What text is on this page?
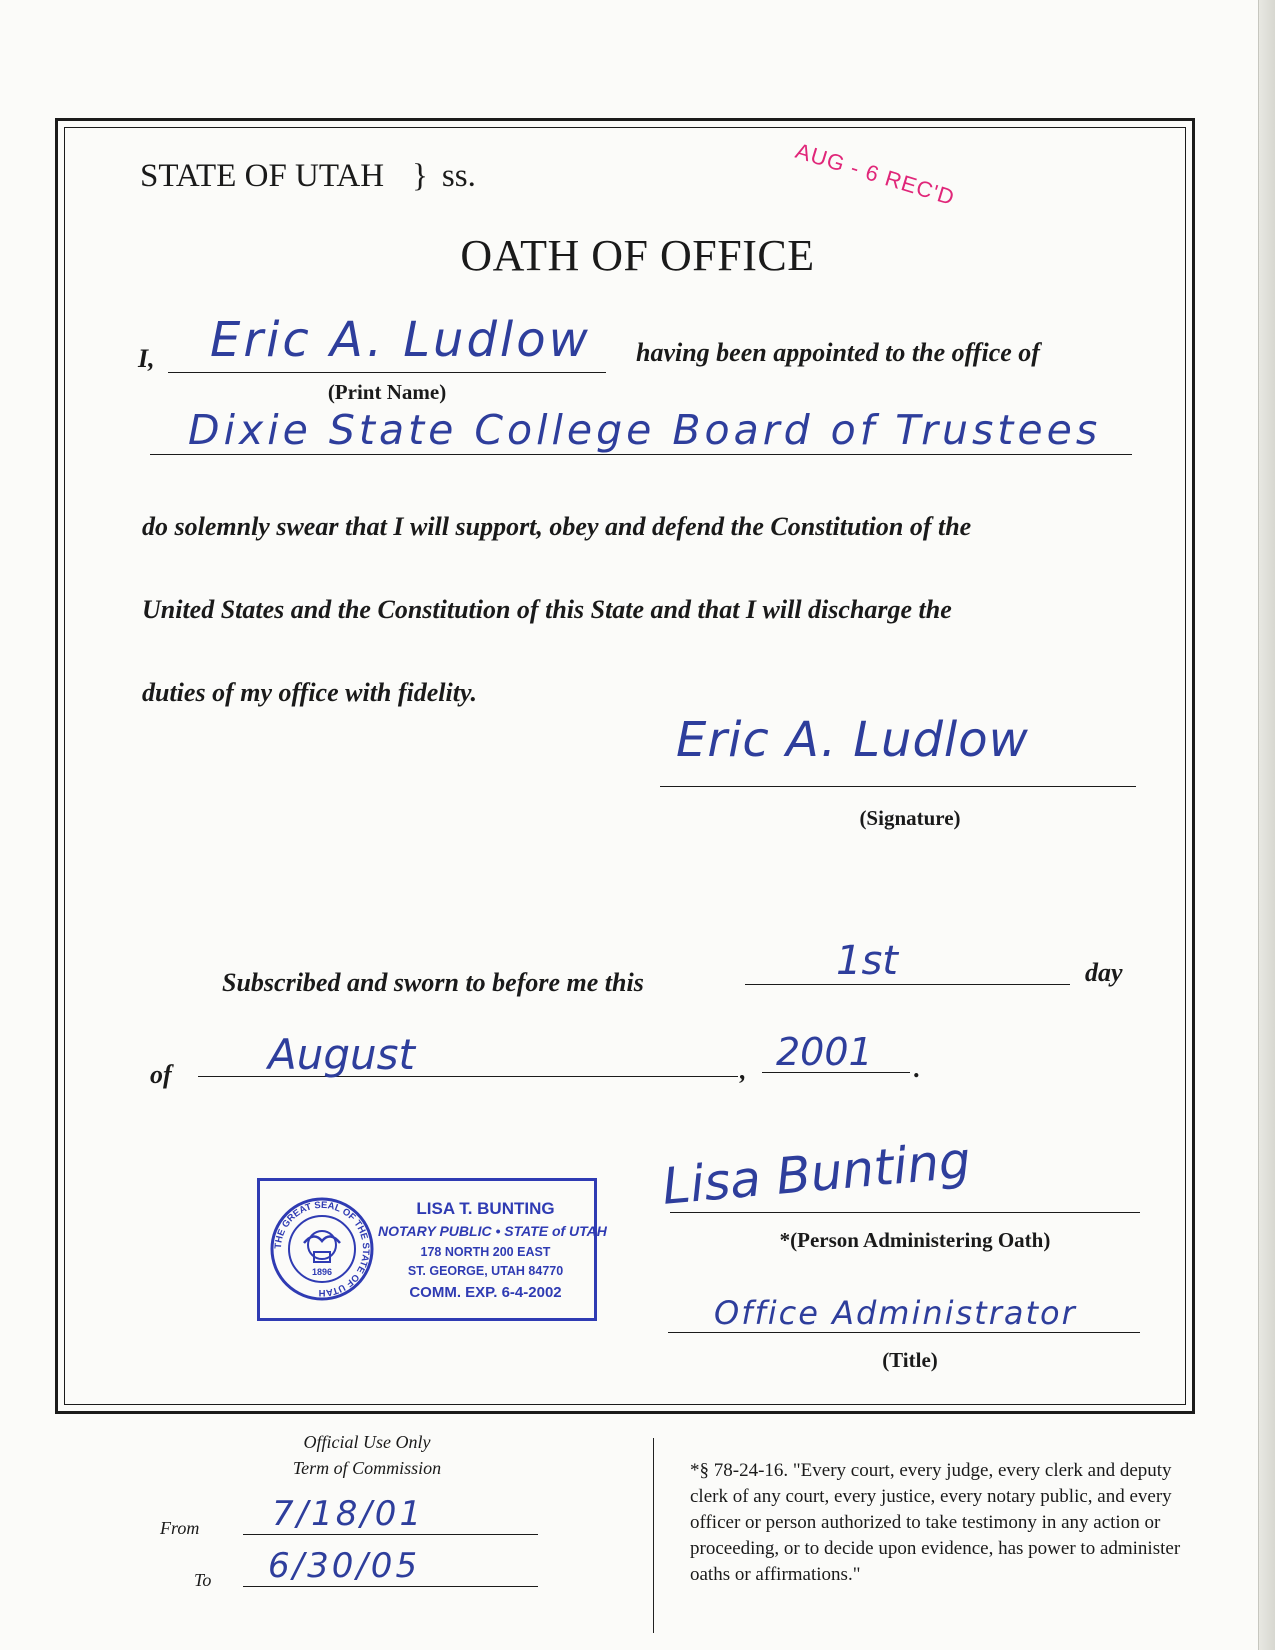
STATE OF UTAH } ss.	AUG - 6 REC'D
OATH OF OFFICE
I, Eric A. Ludlow having been appointed to the office of
(Print Name)
Dixie State College Board of Trustees
do solemnly swear that I will support, obey and defend the Constitution of the
United States and the Constitution of this State and that I will discharge the
duties of my office with fidelity.
Eric A. Ludlow
(Signature)
Subscribed and sworn to before me this	1st	day
of August	, 2001 .
THE GREAT SEAL OF THE STATE OF UTAH
1896
LISA T. BUNTING
NOTARY PUBLIC • STATE of UTAH
178 NORTH 200 EAST
ST. GEORGE, UTAH 84770
COMM. EXP. 6-4-2002
Lisa Bunting
*(Person Administering Oath)
Office Administrator
(Title)
Official Use Only
Term of Commission
From	7/18/01
To	6/30/05
*§ 78-24-16. "Every court, every judge, every clerk and deputy clerk of any court, every justice, every notary public, and every officer or person authorized to take testimony in any action or proceeding, or to decide upon evidence, has power to administer oaths or affirmations."
